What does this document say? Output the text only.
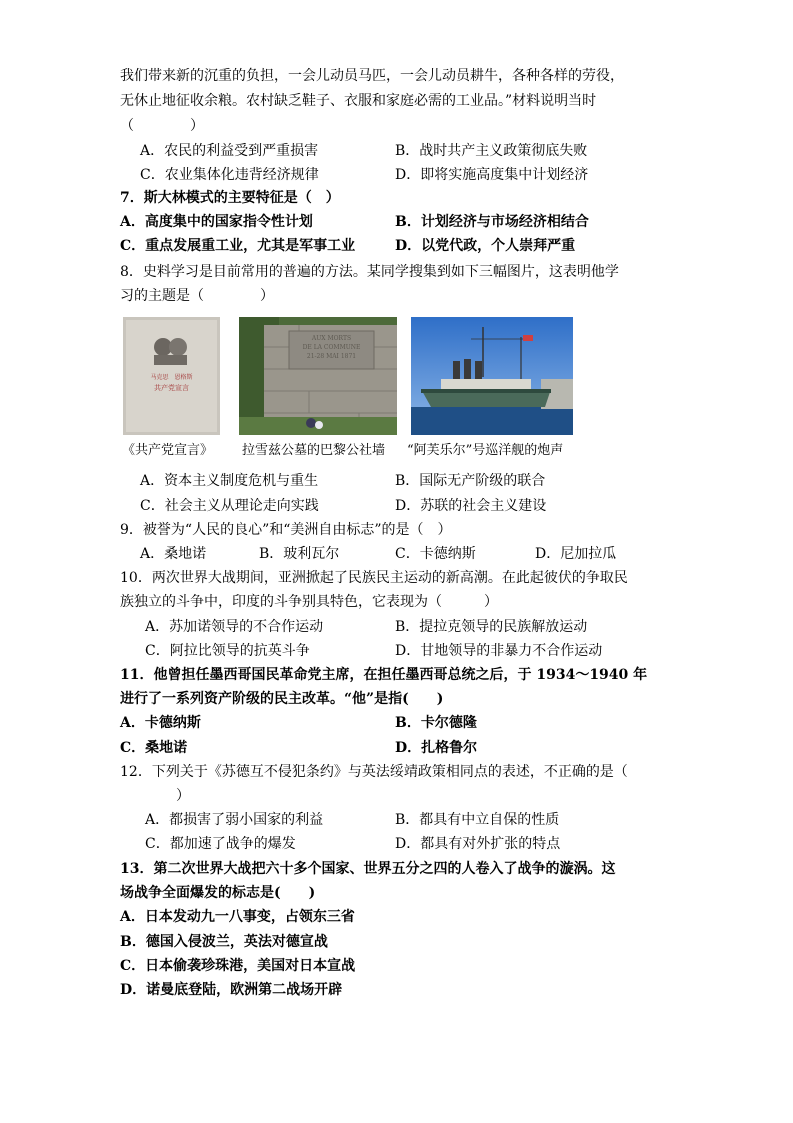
我们带来新的沉重的负担，一会儿动员马匹，一会儿动员耕牛，各种各样的劳役，
无休止地征收余粮。农村缺乏鞋子、衣服和家庭必需的工业品。”材料说明当时
（　　　　）
A．农民的利益受到严重损害	B．战时共产主义政策彻底失败
C．农业集体化违背经济规律	D．即将实施高度集中计划经济
7．斯大林模式的主要特征是（　）
A．高度集中的国家指令性计划	B．计划经济与市场经济相结合
C．重点发展重工业，尤其是军事工业	D．以党代政，个人崇拜严重
8．史料学习是目前常用的普遍的方法。某同学搜集到如下三幅图片，这表明他学
习的主题是（　　　　）
马克思　恩格斯
共产党宣言
AUX MORTS
DE LA COMMUNE
21-28 MAI 1871
《共产党宣言》 拉雪兹公墓的巴黎公社墙 “阿芙乐尔”号巡洋舰的炮声
A．资本主义制度危机与重生	B．国际无产阶级的联合
C．社会主义从理论走向实践	D．苏联的社会主义建设
9．被誉为“人民的良心”和“美洲自由标志”的是（　）
A．桑地诺	B．玻利瓦尔	C．卡德纳斯	D．尼加拉瓜
10．两次世界大战期间，亚洲掀起了民族民主运动的新高潮。在此起彼伏的争取民
族独立的斗争中，印度的斗争别具特色，它表现为（　　　）
A．苏加诺领导的不合作运动	B．提拉克领导的民族解放运动
C．阿拉比领导的抗英斗争	D．甘地领导的非暴力不合作运动
11．他曾担任墨西哥国民革命党主席，在担任墨西哥总统之后，于 1934～1940 年
进行了一系列资产阶级的民主改革。“他”是指(　　)
A．卡德纳斯	B．卡尔德隆
C．桑地诺	D．扎格鲁尔
12．下列关于《苏德互不侵犯条约》与英法绥靖政策相同点的表述，不正确的是（
）
A．都损害了弱小国家的利益	B．都具有中立自保的性质
C．都加速了战争的爆发	D．都具有对外扩张的特点
13．第二次世界大战把六十多个国家、世界五分之四的人卷入了战争的漩涡。这
场战争全面爆发的标志是(　　)
A．日本发动九一八事变，占领东三省
B．德国入侵波兰，英法对德宣战
C．日本偷袭珍珠港，美国对日本宣战
D．诺曼底登陆，欧洲第二战场开辟
